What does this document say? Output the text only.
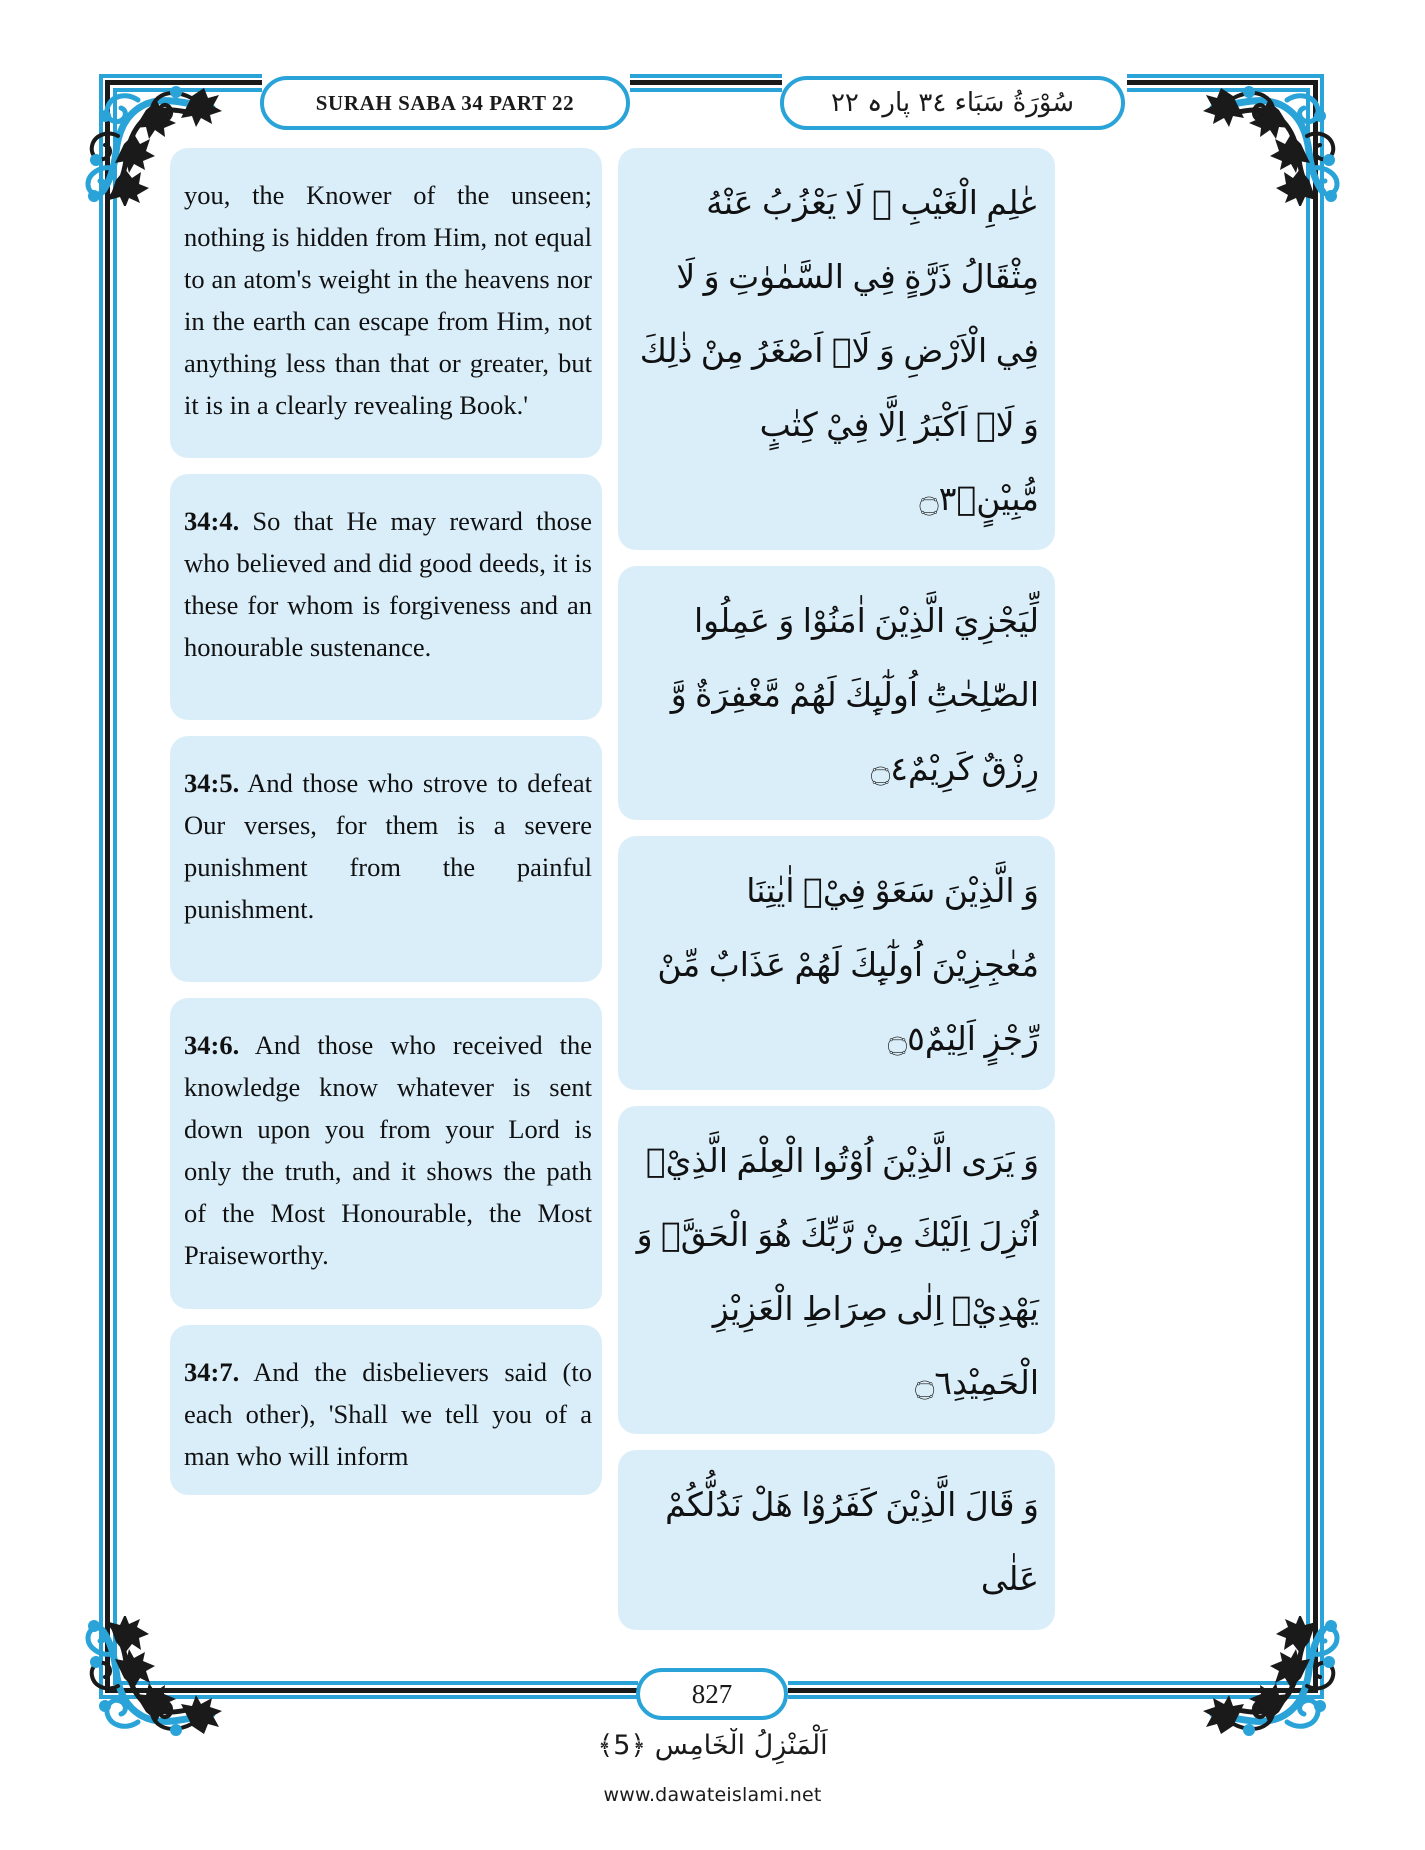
SURAH SABA 34 PART 22	سُوْرَةُ سَبَاء ٣٤ پارہ ٢٢
you, the Knower of the unseen; nothing is hidden from Him, not equal to an atom's weight in the heavens nor in the earth can escape from Him, not anything less than that or greater, but it is in a clearly revealing Book.'
34:4. So that He may reward those who believed and did good deeds, it is these for whom is forgiveness and an honourable sustenance.
34:5. And those who strove to defeat Our verses, for them is a severe punishment from the painful punishment.
34:6. And those who received the knowledge know whatever is sent down upon you from your Lord is only the truth, and it shows the path of the Most Honourable, the Most Praiseworthy.
34:7. And the disbelievers said (to each other), 'Shall we tell you of a man who will inform
عٰلِمِ الْغَيْبِ ۚ لَا يَعْزُبُ عَنْهُ مِثْقَالُ ذَرَّةٍ فِي السَّمٰوٰتِ وَ لَا فِي الْاَرْضِ وَ لَاۤ اَصْغَرُ مِنْ ذٰلِكَ وَ لَاۤ اَكْبَرُ اِلَّا فِيْ كِتٰبٍ مُّبِيْنٍۙ۝٣
لِّيَجْزِيَ الَّذِيْنَ اٰمَنُوْا وَ عَمِلُوا الصّٰلِحٰتِؕ اُولٰٓىِٕكَ لَهُمْ مَّغْفِرَةٌ وَّ رِزْقٌ كَرِيْمٌ۝٤
وَ الَّذِيْنَ سَعَوْ فِيْۤ اٰيٰتِنَا مُعٰجِزِيْنَ اُولٰٓىِٕكَ لَهُمْ عَذَابٌ مِّنْ رِّجْزٍ اَلِيْمٌ۝٥
وَ يَرَى الَّذِيْنَ اُوْتُوا الْعِلْمَ الَّذِيْۤ اُنْزِلَ اِلَيْكَ مِنْ رَّبِّكَ هُوَ الْحَقَّۙ وَ يَهْدِيْۤ اِلٰى صِرَاطِ الْعَزِيْزِ الْحَمِيْدِ۝٦
وَ قَالَ الَّذِيْنَ كَفَرُوْا هَلْ نَدُلُّكُمْ عَلٰى
827
اَلْمَنْزِلُ الْخَامِس ﴿5﴾
www.dawateislami.net
